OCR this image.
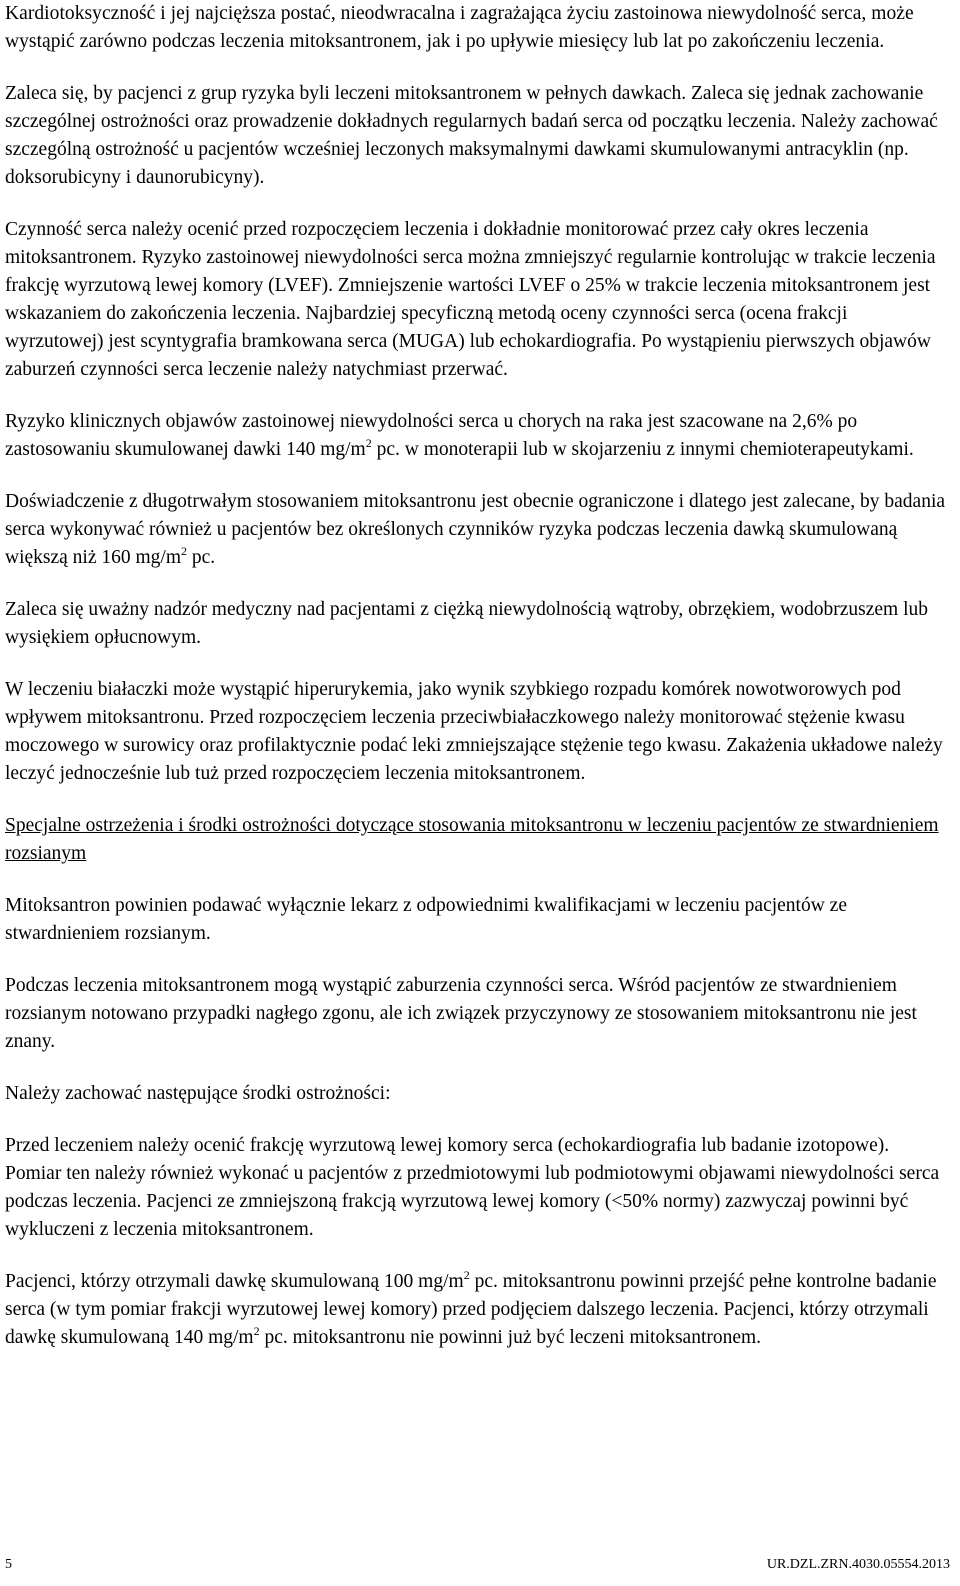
Kardiotoksyczność i jej najcięższa postać, nieodwracalna i zagrażająca życiu zastoinowa niewydolność serca, może wystąpić zarówno podczas leczenia mitoksantronem, jak i po upływie miesięcy lub lat po zakończeniu leczenia.

Zaleca się, by pacjenci z grup ryzyka byli leczeni mitoksantronem w pełnych dawkach. Zaleca się jednak zachowanie szczególnej ostrożności oraz prowadzenie dokładnych regularnych badań serca od początku leczenia. Należy zachować szczególną ostrożność u pacjentów wcześniej leczonych maksymalnymi dawkami skumulowanymi antracyklin (np. doksorubicyny i daunorubicyny).

Czynność serca należy ocenić przed rozpoczęciem leczenia i dokładnie monitorować przez cały okres leczenia mitoksantronem. Ryzyko zastoinowej niewydolności serca można zmniejszyć regularnie kontrolując w trakcie leczenia frakcję wyrzutową lewej komory (LVEF). Zmniejszenie wartości LVEF o 25% w trakcie leczenia mitoksantronem jest wskazaniem do zakończenia leczenia. Najbardziej specyficzną metodą oceny czynności serca (ocena frakcji wyrzutowej) jest scyntygrafia bramkowana serca (MUGA) lub echokardiografia. Po wystąpieniu pierwszych objawów zaburzeń czynności serca leczenie należy natychmiast przerwać.

Ryzyko klinicznych objawów zastoinowej niewydolności serca u chorych na raka jest szacowane na 2,6% po zastosowaniu skumulowanej dawki 140 $mg/m^2$ pc. w monoterapii lub w skojarzeniu z innymi chemioterapeutykami.

Doświadczenie z długotrwałym stosowaniem mitoksantronu jest obecnie ograniczone i dlatego jest zalecane, by badania serca wykonywać również u pacjentów bez określonych czynników ryzyka podczas leczenia dawką skumulowaną większą niż 160 $mg/m^2$ pc.

Zaleca się uważny nadzór medyczny nad pacjentami z ciężką niewydolnością wątroby, obrzękiem, wodobrzuszem lub wysiękiem opłucnowym.

W leczeniu białaczki może wystąpić hiperurykemia, jako wynik szybkiego rozpadu komórek nowotworowych pod wpływem mitoksantronu. Przed rozpoczęciem leczenia przeciwbiałaczkowego należy monitorować stężenie kwasu moczowego w surowicy oraz profilaktycznie podać leki zmniejszające stężenie tego kwasu. Zakażenia układowe należy leczyć jednocześnie lub tuż przed rozpoczęciem leczenia mitoksantronem.

Specjalne ostrzeżenia i środki ostrożności dotyczące stosowania mitoksantronu w leczeniu pacjentów ze stwardnieniem rozsianym

Mitoksantron powinien podawać wyłącznie lekarz z odpowiednimi kwalifikacjami w leczeniu pacjentów ze stwardnieniem rozsianym.

Podczas leczenia mitoksantronem mogą wystąpić zaburzenia czynności serca. Wśród pacjentów ze stwardnieniem rozsianym notowano przypadki nagłego zgonu, ale ich związek przyczynowy ze stosowaniem mitoksantronu nie jest znany.

Należy zachować następujące środki ostrożności:

Przed leczeniem należy ocenić frakcję wyrzutową lewej komory serca (echokardiografia lub badanie izotopowe). Pomiar ten należy również wykonać u pacjentów z przedmiotowymi lub podmiotowymi objawami niewydolności serca podczas leczenia. Pacjenci ze zmniejszoną frakcją wyrzutową lewej komory (<50% normy) zazwyczaj powinni być wykluczeni z leczenia mitoksantronem.

Pacjenci, którzy otrzymali dawkę skumulowaną 100 $mg/m^2$ pc. mitoksantronu powinni przejść pełne kontrolne badanie serca (w tym pomiar frakcji wyrzutowej lewej komory) przed podjęciem dalszego leczenia. Pacjenci, którzy otrzymali dawkę skumulowaną 140 $mg/m^2$ pc. mitoksantronu nie powinni już być leczeni mitoksantronem.

5	UR.DZL.ZRN.4030.05554.2013
